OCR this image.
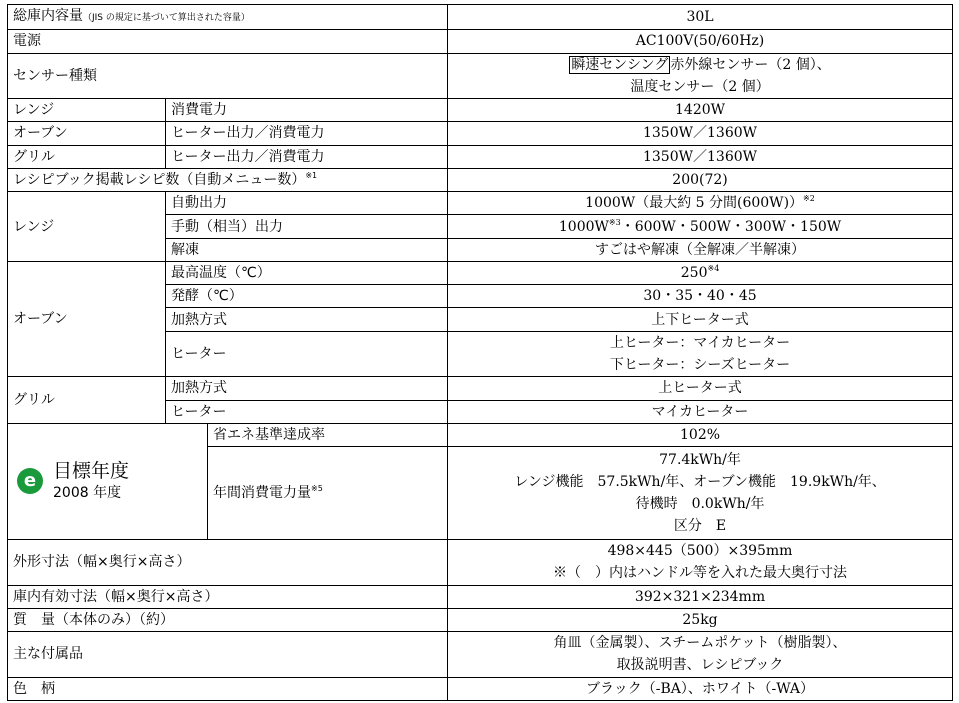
総庫内容量（JIS の規定に基づいて算出された容量）			30L
電源			AC100V(50/60Hz)
センサー種類			瞬速センシング 赤外線センサー（2 個）、
温度センサー（2 個）

レンジ	消費電力		1420W
オーブン	ヒーター出力／消費電力		1350W／1360W
グリル	ヒーター出力／消費電力		1350W／1360W
レシピブック掲載レシピ数（自動メニュー数）$^{※1}$			200(72)
レンジ	自動出力		1000W（最大約 5 分間(600W)）$^{※2}$
	手動（相当）出力		$1000W^{※3}$・600W・500W・300W・150W
	解凍		すごはや解凍（全解凍／半解凍）
オーブン	最高温度（℃）		250$^{※4}$
	発酵（℃）		30・35・40・45
	加熱方式		上下ヒーター式
	ヒーター		上ヒーター：マイカヒーター
下ヒーター：シーズヒーター

グリル	加熱方式		上ヒーター式
	ヒーター		マイカヒーター

e 目標年度
2008 年度		省エネ基準達成率	102%
		年間消費電力量$^{※5}$	77.4kWh/年
レンジ機能　57.5kWh/年、オーブン機能　19.9kWh/年、
待機時　0.0kWh/年
区分　E

外形寸法（幅×奥行×高さ）			498×445（500）×395mm
※（　）内はハンドル等を入れた最大奥行寸法

庫内有効寸法（幅×奥行×高さ）			392×321×234mm
質　量（本体のみ）（約）			25kg
主な付属品			角皿（金属製）、スチームポケット（樹脂製）、
取扱説明書、レシピブック

色　柄			ブラック（-BA）、ホワイト（-WA）
